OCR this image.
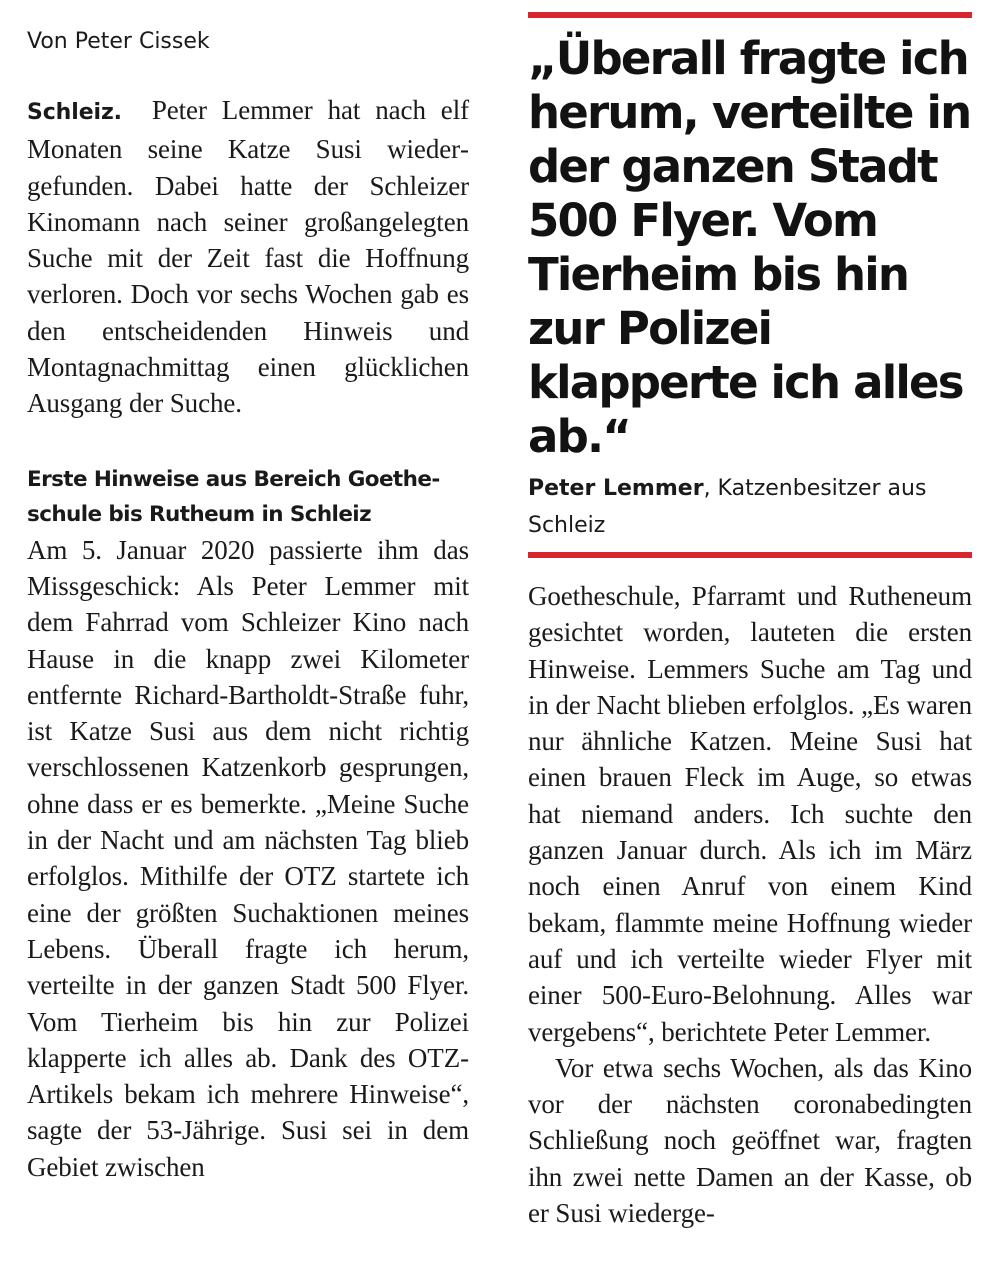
Von Peter Cissek

Schleiz. Peter Lemmer hat nach elf Monaten seine Katze Susi wiedergefunden. Dabei hatte der Schleizer Kinomann nach seiner großangelegten Suche mit der Zeit fast die Hoffnung verloren. Doch vor sechs Wochen gab es den entscheidenden Hinweis und Montagnachmittag einen glücklichen Ausgang der Suche.

Erste Hinweise aus Bereich Goetheschule bis Rutheum in Schleiz

Am 5. Januar 2020 passierte ihm das Missgeschick: Als Peter Lemmer mit dem Fahrrad vom Schleizer Kino nach Hause in die knapp zwei Kilometer entfernte Richard-Bartholdt-Straße fuhr, ist Katze Susi aus dem nicht richtig verschlossenen Katzenkorb gesprungen, ohne dass er es bemerkte. „Meine Suche in der Nacht und am nächsten Tag blieb erfolglos. Mithilfe der OTZ startete ich eine der größten Suchaktionen meines Lebens. Überall fragte ich herum, verteilte in der ganzen Stadt 500 Flyer. Vom Tierheim bis hin zur Polizei klapperte ich alles ab. Dank des OTZ-Artikels bekam ich mehrere Hinweise“, sagte der 53-Jährige. Susi sei in dem Gebiet zwischen

„Überall fragte ich herum, verteilte in der ganzen Stadt 500 Flyer. Vom Tierheim bis hin zur Polizei klapperte ich alles ab.“

Peter Lemmer, Katzenbesitzer aus Schleiz

Goetheschule, Pfarramt und Rutheneum gesichtet worden, lauteten die ersten Hinweise. Lemmers Suche am Tag und in der Nacht blieben erfolglos. „Es waren nur ähnliche Katzen. Meine Susi hat einen brauen Fleck im Auge, so etwas hat niemand anders. Ich suchte den ganzen Januar durch. Als ich im März noch einen Anruf von einem Kind bekam, flammte meine Hoffnung wieder auf und ich verteilte wieder Flyer mit einer 500-Euro-Belohnung. Alles war vergebens“, berichtete Peter Lemmer.

Vor etwa sechs Wochen, als das Kino vor der nächsten coronabedingten Schließung noch geöffnet war, fragten ihn zwei nette Damen an der Kasse, ob er Susi wiederge-
